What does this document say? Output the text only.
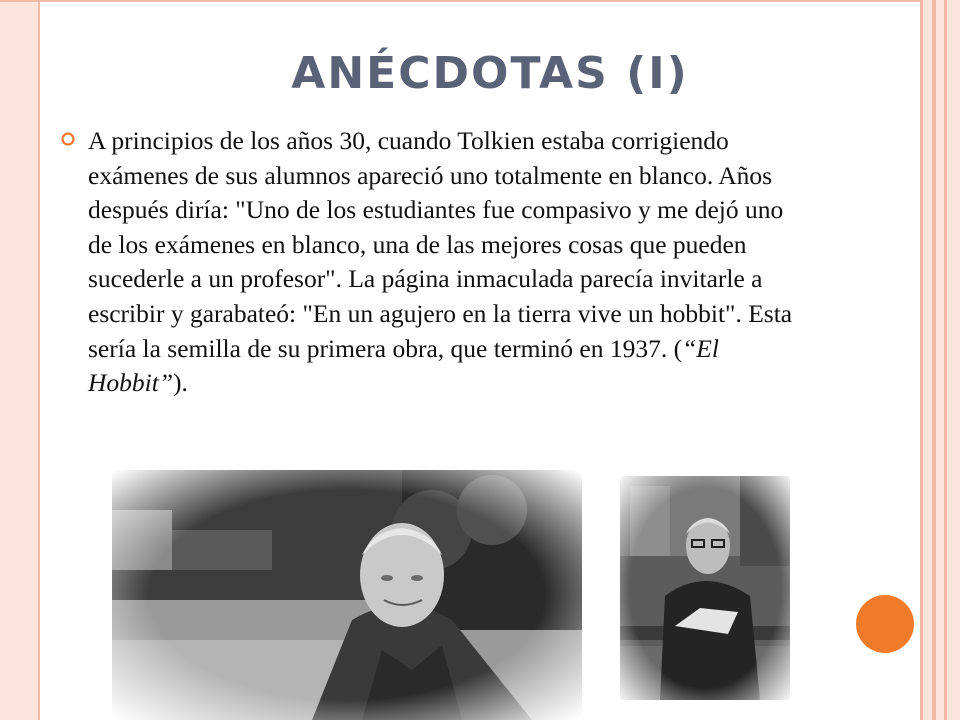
ANÉCDOTAS (I)

A principios de los años 30, cuando Tolkien estaba corrigiendo exámenes de sus alumnos apareció uno totalmente en blanco. Años después diría: "Uno de los estudiantes fue compasivo y me dejó uno de los exámenes en blanco, una de las mejores cosas que pueden sucederle a un profesor". La página inmaculada parecía invitarle a escribir y garabateó: "En un agujero en la tierra vive un hobbit". Esta sería la semilla de su primera obra, que terminó en 1937. (“El Hobbit”).
